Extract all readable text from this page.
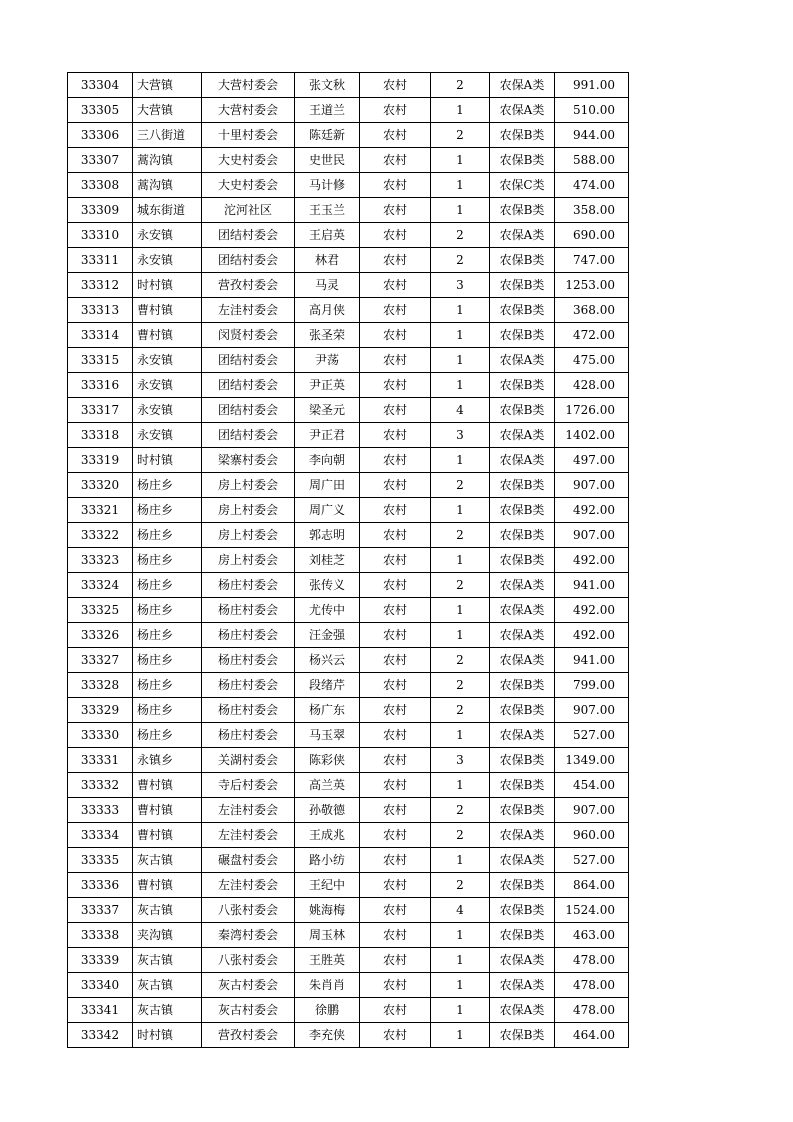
33304	大营镇	大营村委会	张文秋	农村	2	农保A类	991.00
33305	大营镇	大营村委会	王道兰	农村	1	农保A类	510.00
33306	三八街道	十里村委会	陈廷新	农村	2	农保B类	944.00
33307	蒿沟镇	大史村委会	史世民	农村	1	农保B类	588.00
33308	蒿沟镇	大史村委会	马计修	农村	1	农保C类	474.00
33309	城东街道	沱河社区	王玉兰	农村	1	农保B类	358.00
33310	永安镇	团结村委会	王启英	农村	2	农保A类	690.00
33311	永安镇	团结村委会	林君	农村	2	农保B类	747.00
33312	时村镇	营孜村委会	马灵	农村	3	农保B类	1253.00
33313	曹村镇	左洼村委会	高月侠	农村	1	农保B类	368.00
33314	曹村镇	闵贤村委会	张圣荣	农村	1	农保B类	472.00
33315	永安镇	团结村委会	尹荡	农村	1	农保A类	475.00
33316	永安镇	团结村委会	尹正英	农村	1	农保B类	428.00
33317	永安镇	团结村委会	梁圣元	农村	4	农保B类	1726.00
33318	永安镇	团结村委会	尹正君	农村	3	农保A类	1402.00
33319	时村镇	梁寨村委会	李向朝	农村	1	农保A类	497.00
33320	杨庄乡	房上村委会	周广田	农村	2	农保B类	907.00
33321	杨庄乡	房上村委会	周广义	农村	1	农保B类	492.00
33322	杨庄乡	房上村委会	郭志明	农村	2	农保B类	907.00
33323	杨庄乡	房上村委会	刘桂芝	农村	1	农保B类	492.00
33324	杨庄乡	杨庄村委会	张传义	农村	2	农保A类	941.00
33325	杨庄乡	杨庄村委会	尤传中	农村	1	农保A类	492.00
33326	杨庄乡	杨庄村委会	汪金强	农村	1	农保A类	492.00
33327	杨庄乡	杨庄村委会	杨兴云	农村	2	农保A类	941.00
33328	杨庄乡	杨庄村委会	段绪芹	农村	2	农保B类	799.00
33329	杨庄乡	杨庄村委会	杨广东	农村	2	农保B类	907.00
33330	杨庄乡	杨庄村委会	马玉翠	农村	1	农保A类	527.00
33331	永镇乡	关湖村委会	陈彩侠	农村	3	农保B类	1349.00
33332	曹村镇	寺后村委会	高兰英	农村	1	农保B类	454.00
33333	曹村镇	左洼村委会	孙敬德	农村	2	农保B类	907.00
33334	曹村镇	左洼村委会	王成兆	农村	2	农保A类	960.00
33335	灰古镇	碾盘村委会	路小纺	农村	1	农保A类	527.00
33336	曹村镇	左洼村委会	王纪中	农村	2	农保B类	864.00
33337	灰古镇	八张村委会	姚海梅	农村	4	农保B类	1524.00
33338	夹沟镇	秦湾村委会	周玉林	农村	1	农保B类	463.00
33339	灰古镇	八张村委会	王胜英	农村	1	农保A类	478.00
33340	灰古镇	灰古村委会	朱肖肖	农村	1	农保A类	478.00
33341	灰古镇	灰古村委会	徐鹏	农村	1	农保A类	478.00
33342	时村镇	营孜村委会	李充侠	农村	1	农保B类	464.00
